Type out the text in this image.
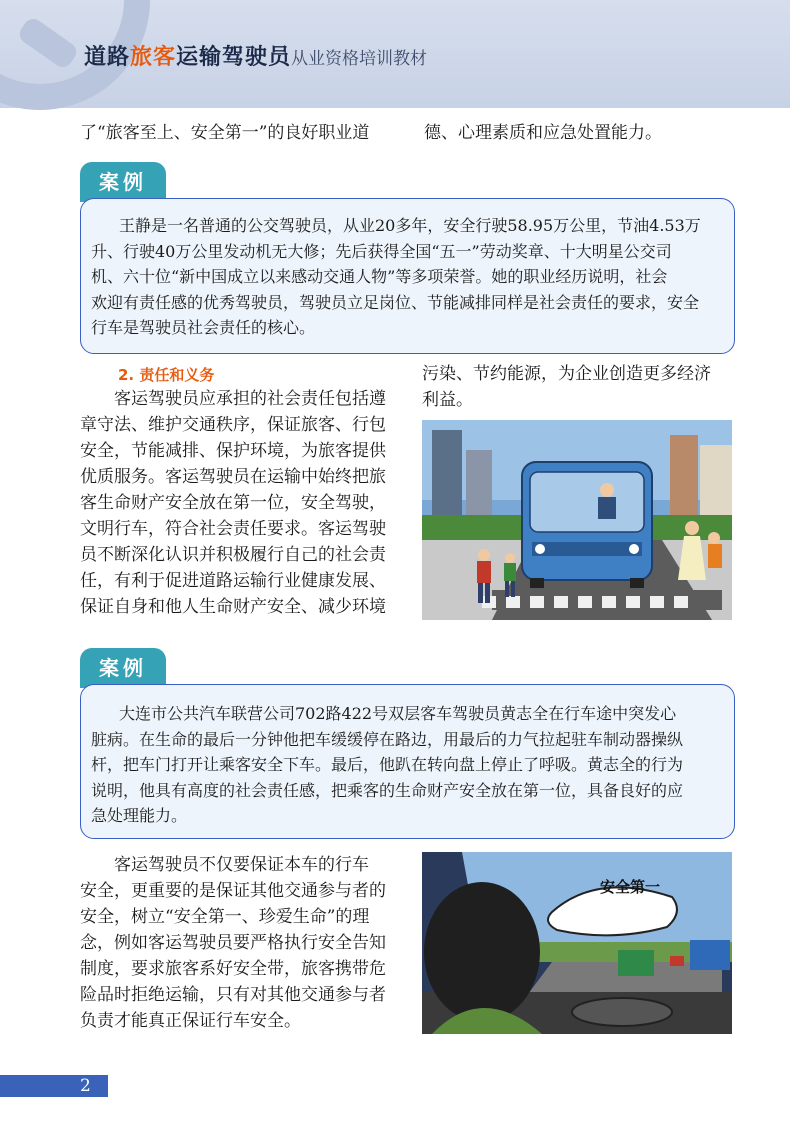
道路旅客运输驾驶员从业资格培训教材

了“旅客至上、安全第一”的良好职业道	德、心理素质和应急处置能力。

案例
王静是一名普通的公交驾驶员，从业20多年，安全行驶58.95万公里，节油4.53万
升、行驶40万公里发动机无大修；先后获得全国“五一”劳动奖章、十大明星公交司
机、六十位“新中国成立以来感动交通人物”等多项荣誉。她的职业经历说明，社会
欢迎有责任感的优秀驾驶员，驾驶员立足岗位、节能减排同样是社会责任的要求，安全
行车是驾驶员社会责任的核心。
2. 责任和义务
客运驾驶员应承担的社会责任包括遵
章守法、维护交通秩序，保证旅客、行包
安全，节能减排、保护环境，为旅客提供
优质服务。客运驾驶员在运输中始终把旅
客生命财产安全放在第一位，安全驾驶，
文明行车，符合社会责任要求。客运驾驶
员不断深化认识并积极履行自己的社会责
任，有利于促进道路运输行业健康发展、
保证自身和他人生命财产安全、减少环境
污染、节约能源，为企业创造更多经济
利益。
案例
大连市公共汽车联营公司702路422号双层客车驾驶员黄志全在行车途中突发心
脏病。在生命的最后一分钟他把车缓缓停在路边，用最后的力气拉起驻车制动器操纵
杆，把车门打开让乘客安全下车。最后，他趴在转向盘上停止了呼吸。黄志全的行为
说明，他具有高度的社会责任感，把乘客的生命财产安全放在第一位，具备良好的应
急处理能力。
客运驾驶员不仅要保证本车的行车
安全，更重要的是保证其他交通参与者的
安全，树立“安全第一、珍爱生命”的理
念，例如客运驾驶员要严格执行安全告知
制度，要求旅客系好安全带，旅客携带危
险品时拒绝运输，只有对其他交通参与者
负责才能真正保证行车安全。
安全第一
2
